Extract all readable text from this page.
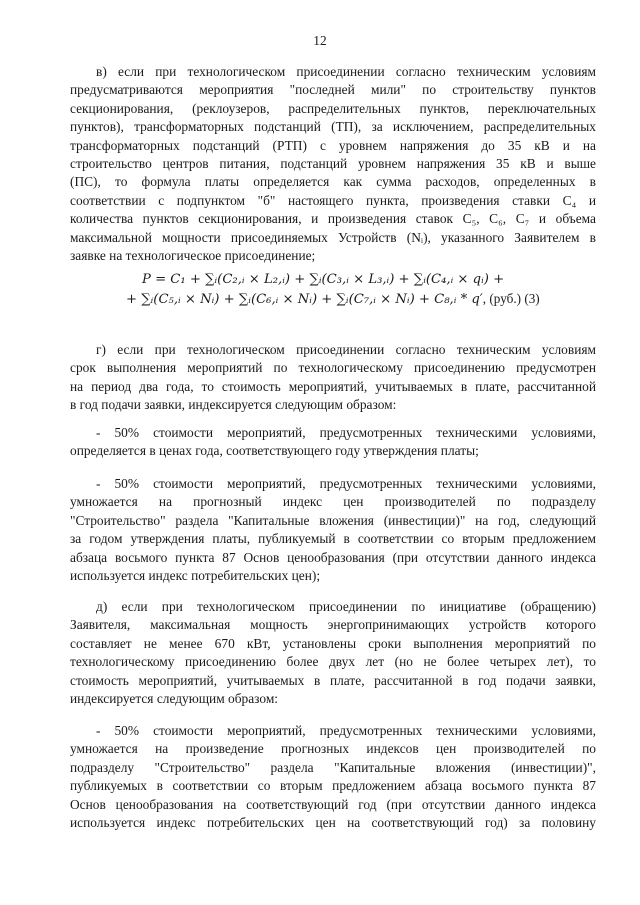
12
в) если при технологическом присоединении согласно техническим условиям
предусматриваются мероприятия "последней мили" по строительству пунктов
секционирования, (реклоузеров, распределительных пунктов, переключательных
пунктов), трансформаторных подстанций (ТП), за исключением, распределительных
трансформаторных подстанций (РТП) с уровнем напряжения до 35 кВ и на
строительство центров питания, подстанций уровнем напряжения 35 кВ и выше
(ПС), то формула платы определяется как сумма расходов, определенных в
соответствии с подпунктом "б" настоящего пункта, произведения ставки C₄ и
количества пунктов секционирования, и произведения ставок C₅, C₆, C₇ и объема
максимальной мощности присоединяемых Устройств (Nᵢ), указанного Заявителем в
заявке на технологическое присоединение;
P = C₁ + ∑ᵢ(C₂,ᵢ × L₂,ᵢ) + ∑ᵢ(C₃,ᵢ × L₃,ᵢ) + ∑ᵢ(C₄,ᵢ × qᵢ) +
+ ∑ᵢ(C₅,ᵢ × Nᵢ) + ∑ᵢ(C₆,ᵢ × Nᵢ) + ∑ᵢ(C₇,ᵢ × Nᵢ) + C₈,ᵢ * q′, (руб.) (3)
г) если при технологическом присоединении согласно техническим условиям
срок выполнения мероприятий по технологическому присоединению предусмотрен
на период два года, то стоимость мероприятий, учитываемых в плате, рассчитанной
в год подачи заявки, индексируется следующим образом:
- 50% стоимости мероприятий, предусмотренных техническими условиями,
определяется в ценах года, соответствующего году утверждения платы;
- 50% стоимости мероприятий, предусмотренных техническими условиями,
умножается на прогнозный индекс цен производителей по подразделу
"Строительство" раздела "Капитальные вложения (инвестиции)" на год, следующий
за годом утверждения платы, публикуемый в соответствии со вторым предложением
абзаца восьмого пункта 87 Основ ценообразования (при отсутствии данного индекса
используется индекс потребительских цен);
д) если при технологическом присоединении по инициативе (обращению)
Заявителя, максимальная мощность энергопринимающих устройств которого
составляет не менее 670 кВт, установлены сроки выполнения мероприятий по
технологическому присоединению более двух лет (но не более четырех лет), то
стоимость мероприятий, учитываемых в плате, рассчитанной в год подачи заявки,
индексируется следующим образом:
- 50% стоимости мероприятий, предусмотренных техническими условиями,
умножается на произведение прогнозных индексов цен производителей по
подразделу "Строительство" раздела "Капитальные вложения (инвестиции)",
публикуемых в соответствии со вторым предложением абзаца восьмого пункта 87
Основ ценообразования на соответствующий год (при отсутствии данного индекса
используется индекс потребительских цен на соответствующий год) за половину
